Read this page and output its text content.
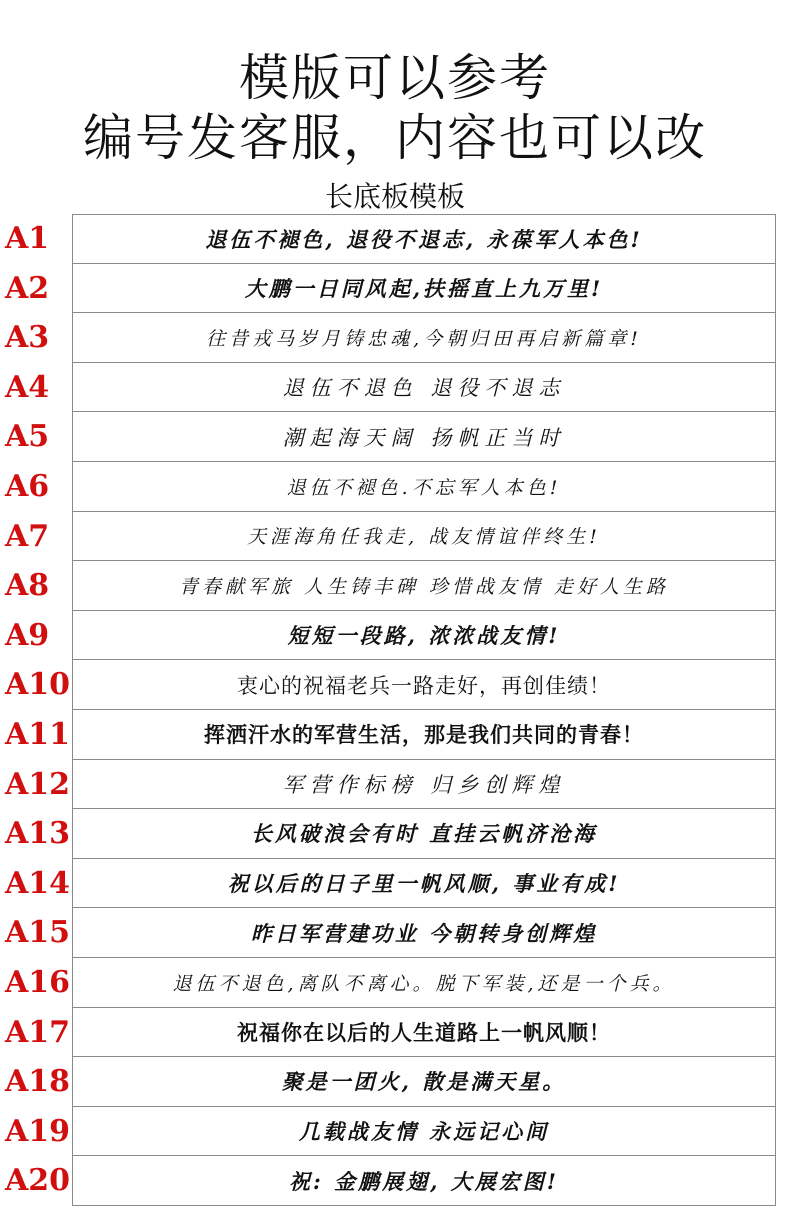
模版可以参考
编号发客服，内容也可以改
长底板模板
A1	退伍不褪色, 退役不退志, 永葆军人本色!
A2	大鹏一日同风起,扶摇直上九万里!
A3	往昔戎马岁月铸忠魂,今朝归田再启新篇章!
A4	退伍不退色 退役不退志
A5	潮起海天阔 扬帆正当时
A6	退伍不褪色.不忘军人本色!
A7	天涯海角任我走, 战友情谊伴终生!
A8	青春献军旅 人生铸丰碑 珍惜战友情 走好人生路
A9	短短一段路, 浓浓战友情!
A10	衷心的祝福老兵一路走好，再创佳绩！
A11	挥洒汗水的军营生活，那是我们共同的青春！
A12	军营作标榜 归乡创辉煌
A13	长风破浪会有时 直挂云帆济沧海
A14	祝以后的日子里一帆风顺, 事业有成!
A15	昨日军营建功业 今朝转身创辉煌
A16	退伍不退色,离队不离心。脱下军装,还是一个兵。
A17	祝福你在以后的人生道路上一帆风顺！
A18	聚是一团火, 散是满天星。
A19	几载战友情 永远记心间
A20	祝: 金鹏展翅, 大展宏图!
